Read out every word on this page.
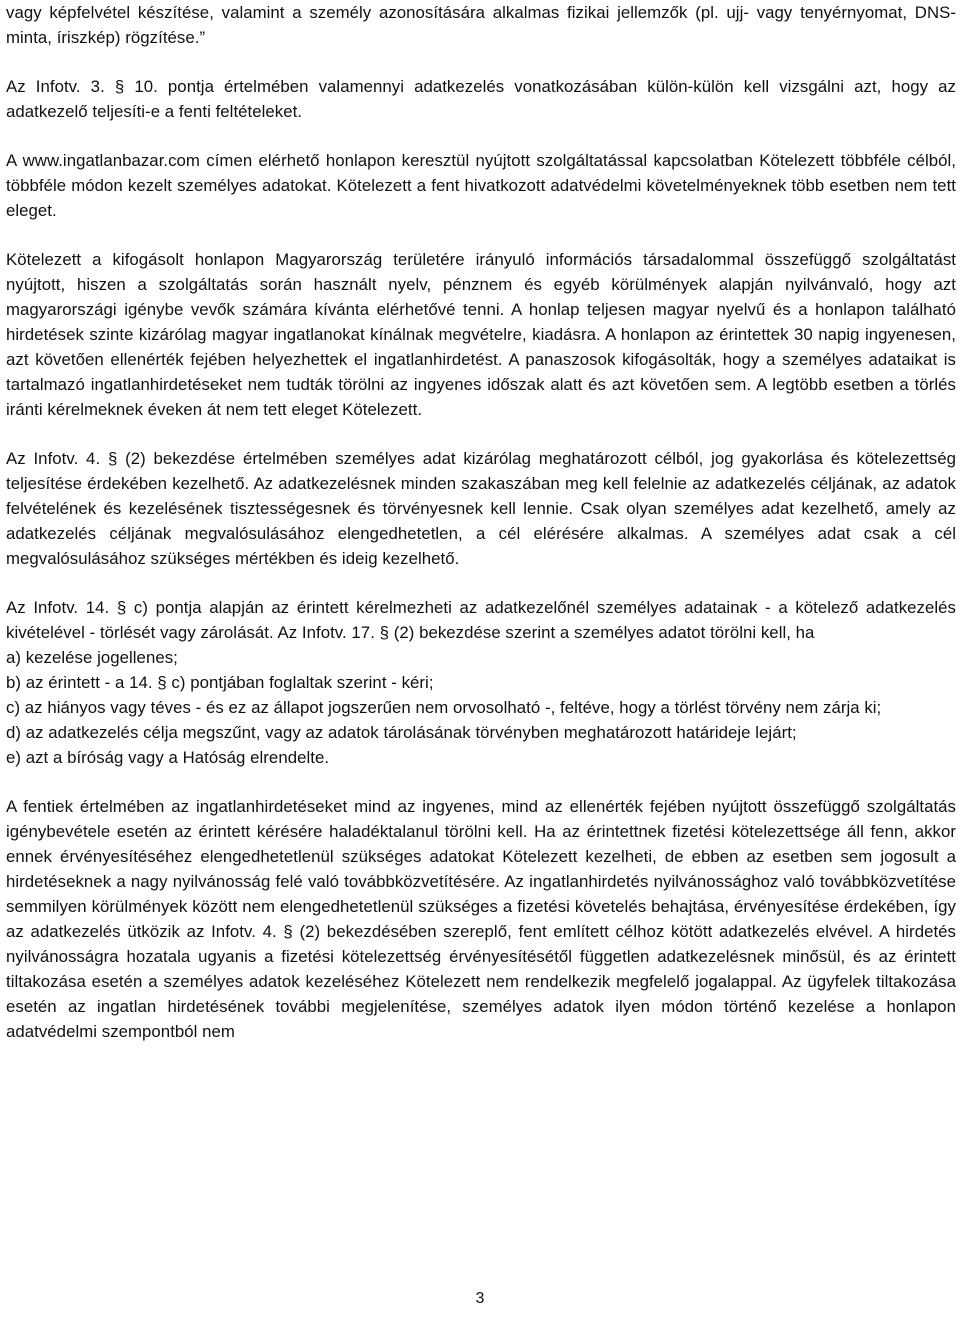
vagy képfelvétel készítése, valamint a személy azonosítására alkalmas fizikai jellemzők (pl. ujj- vagy tenyérnyomat, DNS-minta, íriszkép) rögzítése.”

Az Infotv. 3. § 10. pontja értelmében valamennyi adatkezelés vonatkozásában külön-külön kell vizsgálni azt, hogy az adatkezelő teljesíti-e a fenti feltételeket.

A www.ingatlanbazar.com címen elérhető honlapon keresztül nyújtott szolgáltatással kapcsolatban Kötelezett többféle célból, többféle módon kezelt személyes adatokat. Kötelezett a fent hivatkozott adatvédelmi követelményeknek több esetben nem tett eleget.

Kötelezett a kifogásolt honlapon Magyarország területére irányuló információs társadalommal összefüggő szolgáltatást nyújtott, hiszen a szolgáltatás során használt nyelv, pénznem és egyéb körülmények alapján nyilvánvaló, hogy azt magyarországi igénybe vevők számára kívánta elérhetővé tenni. A honlap teljesen magyar nyelvű és a honlapon található hirdetések szinte kizárólag magyar ingatlanokat kínálnak megvételre, kiadásra. A honlapon az érintettek 30 napig ingyenesen, azt követően ellenérték fejében helyezhettek el ingatlanhirdetést. A panaszosok kifogásolták, hogy a személyes adataikat is tartalmazó ingatlanhirdetéseket nem tudták törölni az ingyenes időszak alatt és azt követően sem. A legtöbb esetben a törlés iránti kérelmeknek éveken át nem tett eleget Kötelezett.

Az Infotv. 4. § (2) bekezdése értelmében személyes adat kizárólag meghatározott célból, jog gyakorlása és kötelezettség teljesítése érdekében kezelhető. Az adatkezelésnek minden szakaszában meg kell felelnie az adatkezelés céljának, az adatok felvételének és kezelésének tisztességesnek és törvényesnek kell lennie. Csak olyan személyes adat kezelhető, amely az adatkezelés céljának megvalósulásához elengedhetetlen, a cél elérésére alkalmas. A személyes adat csak a cél megvalósulásához szükséges mértékben és ideig kezelhető.

Az Infotv. 14. § c) pontja alapján az érintett kérelmezheti az adatkezelőnél személyes adatainak - a kötelező adatkezelés kivételével - törlését vagy zárolását. Az Infotv. 17. § (2) bekezdése szerint a személyes adatot törölni kell, ha
a) kezelése jogellenes;
b) az érintett - a 14. § c) pontjában foglaltak szerint - kéri;
c) az hiányos vagy téves - és ez az állapot jogszerűen nem orvosolható -, feltéve, hogy a törlést törvény nem zárja ki;
d) az adatkezelés célja megszűnt, vagy az adatok tárolásának törvényben meghatározott határideje lejárt;
e) azt a bíróság vagy a Hatóság elrendelte.

A fentiek értelmében az ingatlanhirdetéseket mind az ingyenes, mind az ellenérték fejében nyújtott összefüggő szolgáltatás igénybevétele esetén az érintett kérésére haladéktalanul törölni kell. Ha az érintettnek fizetési kötelezettsége áll fenn, akkor ennek érvényesítéséhez elengedhetetlenül szükséges adatokat Kötelezett kezelheti, de ebben az esetben sem jogosult a hirdetéseknek a nagy nyilvánosság felé való továbbközvetítésére. Az ingatlanhirdetés nyilvánossághoz való továbbközvetítése semmilyen körülmények között nem elengedhetetlenül szükséges a fizetési követelés behajtása, érvényesítése érdekében, így az adatkezelés ütközik az Infotv. 4. § (2) bekezdésében szereplő, fent említett célhoz kötött adatkezelés elvével. A hirdetés nyilvánosságra hozatala ugyanis a fizetési kötelezettség érvényesítésétől független adatkezelésnek minősül, és az érintett tiltakozása esetén a személyes adatok kezeléséhez Kötelezett nem rendelkezik megfelelő jogalappal. Az ügyfelek tiltakozása esetén az ingatlan hirdetésének további megjelenítése, személyes adatok ilyen módon történő kezelése a honlapon adatvédelmi szempontból nem

3
